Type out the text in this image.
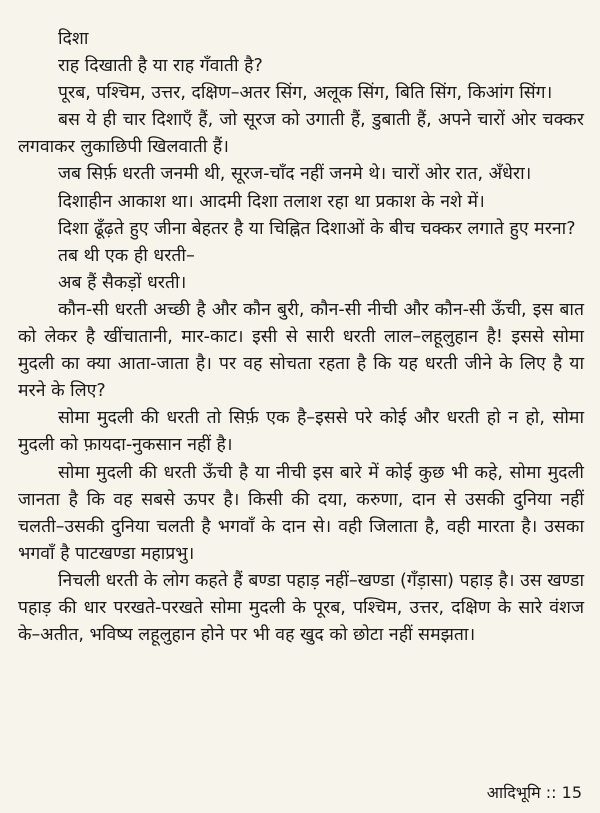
दिशा

राह दिखाती है या राह गँवाती है?

पूरब, पश्चिम, उत्तर, दक्षिण–अतर सिंग, अलूक सिंग, बिति सिंग, किआंग सिंग।

बस ये ही चार दिशाएँ हैं, जो सूरज को उगाती हैं, डुबाती हैं, अपने चारों ओर चक्कर लगवाकर लुकाछिपी खिलवाती हैं।

जब सिर्फ़ धरती जनमी थी, सूरज-चाँद नहीं जनमे थे। चारों ओर रात, अँधेरा।

दिशाहीन आकाश था। आदमी दिशा तलाश रहा था प्रकाश के नशे में।

दिशा ढूँढ़ते हुए जीना बेहतर है या चिह्नित दिशाओं के बीच चक्कर लगाते हुए मरना?

तब थी एक ही धरती–

अब हैं सैकड़ों धरती।

कौन-सी धरती अच्छी है और कौन बुरी, कौन-सी नीची और कौन-सी ऊँची, इस बात को लेकर है खींचातानी, मार-काट। इसी से सारी धरती लाल–लहूलुहान है! इससे सोमा मुदली का क्या आता-जाता है। पर वह सोचता रहता है कि यह धरती जीने के लिए है या मरने के लिए?

सोमा मुदली की धरती तो सिर्फ़ एक है–इससे परे कोई और धरती हो न हो, सोमा मुदली को फ़ायदा-नुकसान नहीं है।

सोमा मुदली की धरती ऊँची है या नीची इस बारे में कोई कुछ भी कहे, सोमा मुदली जानता है कि वह सबसे ऊपर है। किसी की दया, करुणा, दान से उसकी दुनिया नहीं चलती–उसकी दुनिया चलती है भगवाँ के दान से। वही जिलाता है, वही मारता है। उसका भगवाँ है पाटखण्डा महाप्रभु।

निचली धरती के लोग कहते हैं बण्डा पहाड़ नहीं–खण्डा (गँड़ासा) पहाड़ है। उस खण्डा पहाड़ की धार परखते-परखते सोमा मुदली के पूरब, पश्चिम, उत्तर, दक्षिण के सारे वंशज के–अतीत, भविष्य लहूलुहान होने पर भी वह खुद को छोटा नहीं समझता।

आदिभूमि :: 15
